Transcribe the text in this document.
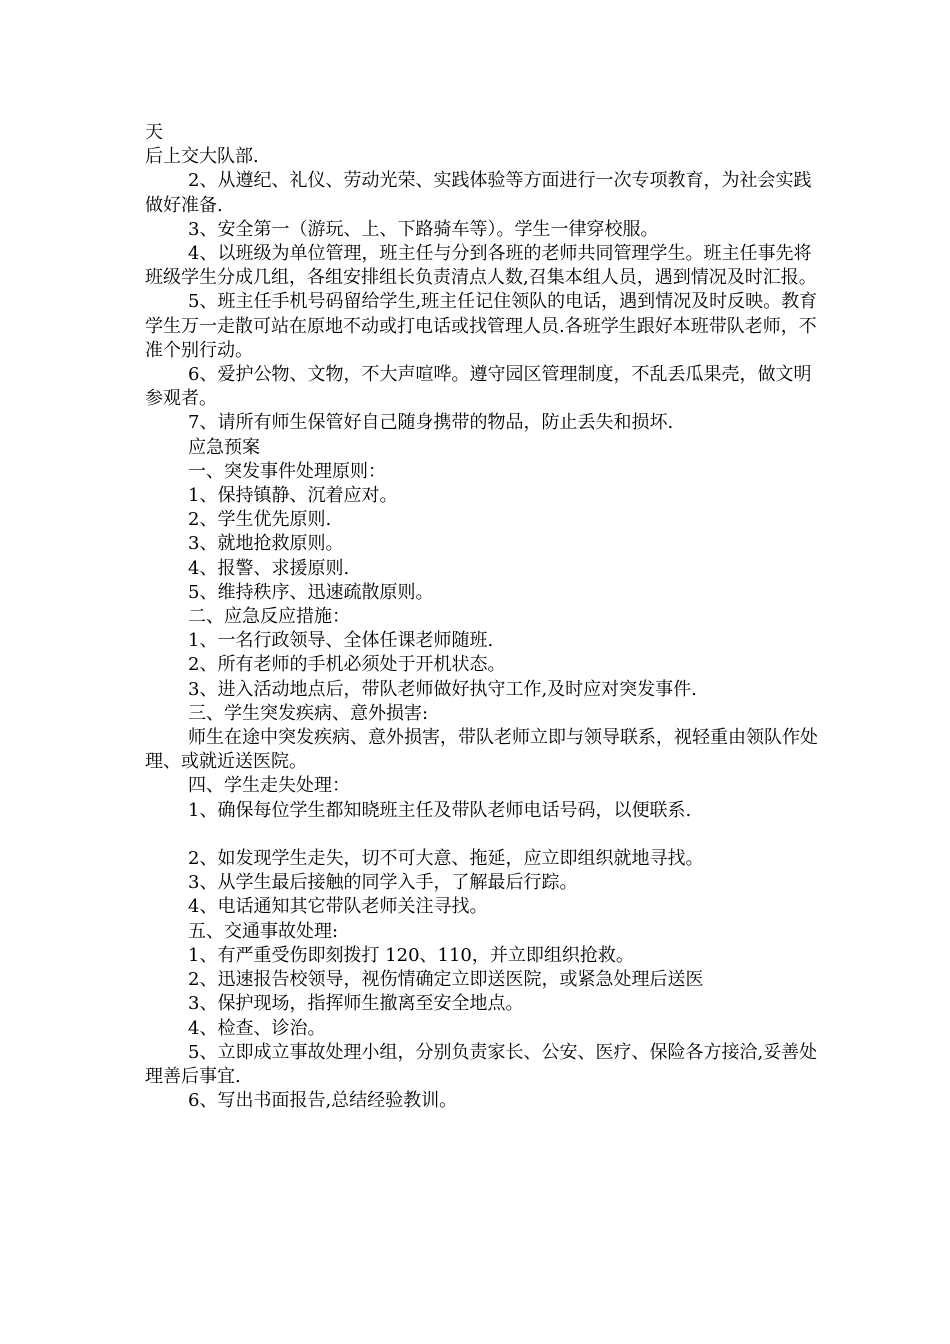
天

后上交大队部.

2、从遵纪、礼仪、劳动光荣、实践体验等方面进行一次专项教育，为社会实践做好准备.

3、安全第一（游玩、上、下路骑车等）。学生一律穿校服。

4、以班级为单位管理，班主任与分到各班的老师共同管理学生。班主任事先将班级学生分成几组，各组安排组长负责清点人数,召集本组人员，遇到情况及时汇报。

5、班主任手机号码留给学生,班主任记住领队的电话，遇到情况及时反映。教育学生万一走散可站在原地不动或打电话或找管理人员.各班学生跟好本班带队老师，不准个别行动。

6、爱护公物、文物，不大声喧哗。遵守园区管理制度，不乱丢瓜果壳，做文明参观者。

7、请所有师生保管好自己随身携带的物品，防止丢失和损坏.

应急预案

一、突发事件处理原则：

1、保持镇静、沉着应对。

2、学生优先原则.

3、就地抢救原则。

4、报警、求援原则.

5、维持秩序、迅速疏散原则。

二、应急反应措施：

1、一名行政领导、全体任课老师随班.

2、所有老师的手机必须处于开机状态。

3、进入活动地点后，带队老师做好执守工作,及时应对突发事件.

三、学生突发疾病、意外损害:

师生在途中突发疾病、意外损害，带队老师立即与领导联系，视轻重由领队作处理、或就近送医院。

四、学生走失处理：

1、确保每位学生都知晓班主任及带队老师电话号码，以便联系.

2、如发现学生走失，切不可大意、拖延，应立即组织就地寻找。

3、从学生最后接触的同学入手，了解最后行踪。

4、电话通知其它带队老师关注寻找。

五、交通事故处理:

1、有严重受伤即刻拨打 120、110，并立即组织抢救。

2、迅速报告校领导，视伤情确定立即送医院，或紧急处理后送医

3、保护现场，指挥师生撤离至安全地点。

4、检查、诊治。

5、立即成立事故处理小组，分别负责家长、公安、医疗、保险各方接洽,妥善处理善后事宜.

6、写出书面报告,总结经验教训。
